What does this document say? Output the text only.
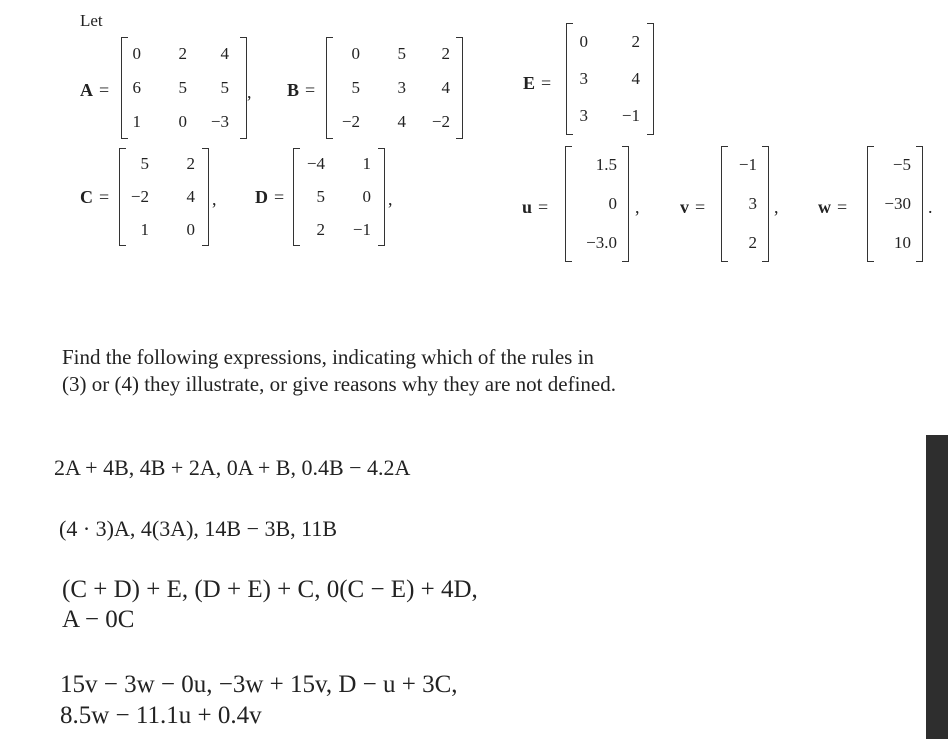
Let
A =
0	2	4
6	5	5
1	0	−3
, B =
0	5	2
5	3	4
−2	4	−2
E =
0	2
3	4
3	−1
C =
5	2
−2	4
1	0
, D =
−4	1
5	0
2	−1
,	u =
1.5
0
−3.0
, v =
−1
3
2
, w =
−5
−30
10
.
Find the following expressions, indicating which of the rules in (3) or (4) they illustrate, or give reasons why they are not defined.
2A + 4B, 4B + 2A, 0A + B, 0.4B − 4.2A
(4 · 3)A, 4(3A), 14B − 3B, 11B
(C + D) + E, (D + E) + C, 0(C − E) + 4D,
A − 0C
15v − 3w − 0u, −3w + 15v, D − u + 3C,
8.5w − 11.1u + 0.4v
